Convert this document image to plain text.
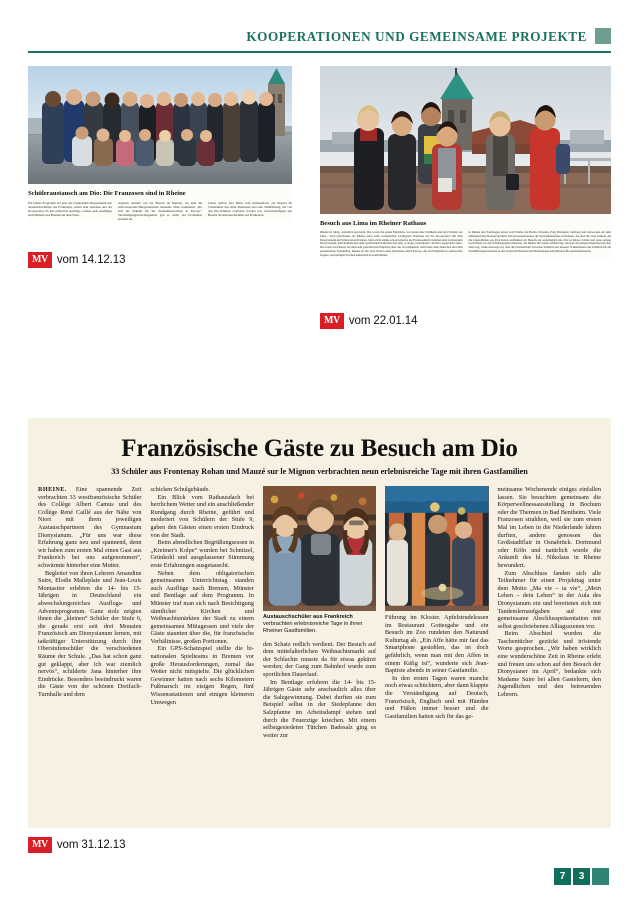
KOOPERATIONEN UND GEMEINSAME PROJEKTE
Schüleraustausch am Dio: Die Franzosen sind in Rheine
Ein buntes Programm bot jetzt das Gymnasium Dionysianum den Austauschschülern aus Frankreich, neben dem zentralen Akt der Kooperation. Es gab zahlreiche Ausflüge, runden nach Ausflügen nach Münster und Bremen auf dem Sonn-
tagsplan. Anfahrt war der Besuch im Rathaus, bei dem die stellvertretende Bürgermeisterin markante Sätze verkündete: „Ihr seid die Zukunft für das Zusammenwachsen in Europa.“ Verständigungsschwierigkeiten gab es nicht, bei Problemen konnten die
Lehrer helfen. Der Blick vom Rathausdach, ein Besuch im Trauzimmer des Alten Rathauses und eine Stadtführung, die von den Dio-Schülern erarbeitet worden war, vervollständigten den Besuch der Austauschschüler aus Frankreich.
MV vom 14.12.13
Besuch aus Lima im Rheiner Rathaus
Rheine ist ruhig, ordentlich und klein. Das waren die ersten Eindrücke von denen eine Schülerin und drei Schüler aus Lima / Peru berichteten, als Rheine unter zehn vermeintlich wichtigsten Stationen bei der Kooperation mit dem Dionysianum der Schule besucht haben. Sehr schön zahme schon besuchte die Franzosenhalt zwischen dem Gymnasium Dionysianum, dem Rathaus und dem Gymnasium in Rheine und dem „Colegio weiterhause“ im Peru ausgesucht eines. Die Gäste berichteten bei dem sehr persönlichen Empfang über die verschiedenen vierfachen dem deutschen und dem peruanischen Schulalltag. Rheine ist die erste Station einer Rundreise durch Europa, die am Flughafen in Amsterdam begann, nach einigen Wochen Aufenthalt in Gastfamilien
in Rheine und Salzbergen neben noch Städte wie Berlin, Dresden, Prag, Budapest, Salzburg und Antwerpen auf dem umfangreichen Reiseprogramm. Europa kennenlernen, die Sprachkenntnisse verbessern, das sind die zwei Gründe, die die Jugendlichen aus Peru haben, zumindest ein Besuch ein ursprünglich das Ziel zu haben. Schule und neue seltene beobachten vor den Schülergruppen mussten, die Rheine mit vielen zehnerfolge, und gab den jungen Menschen ein Auf dem weg, wirke Auswege sei, dass die Freundschaft zwischen Schülern aus unseren Schülerinnen und Schülern für ein Stadtführungen mussten in den Verein der Brücken der Beziehungen beim Besuch für eine Rathausdach.
MV vom 22.01.14
Französische Gäste zu Besuch am Dio
33 Schüler aus Frontenay Rohan und Mauzé sur le Mignon verbrachten neun erlebnisreiche Tage mit ihren Gastfamilien

RHEINE. Eine spannende Zeit verbrachten 33 westfranzösische Schüler des Collège Albert Camus und des Collège René Caillé aus der Nähe von Niort mit ihren jeweiligen Austauschpartnern des Gymnasium Dionysianum. „Für uns war diese Erfahrung ganz neu und spannend, denn wir haben zum ersten Mal einen Gast aus Frankreich bei uns aufgenommen“, schwärmte hinterher eine Mutter.

Begleitet von ihren Lehrern Amandine Suire, Elodie Malleplate und Jean-Louis Montastier erlebten die 14- bis 15-Jährigen in Deutschland ein abwechslungsreiches Ausflugs- und Adventsprogramm. Ganz stolz zeigten ihnen die „kleinen“ Schüler der Stufe 6, die gerade erst seit drei Monaten Französisch am Dionysianum lernen, mit tatkräftiger Unterstützung durch ihre Oberstufenschüler die verschiedenen Räume der Schule. „Das hat schon ganz gut geklappt, aber ich war ziemlich nervös“, schilderte Jana hinterher ihre Eindrücke. Besonders beeindruckt waren die Gäste von der schönen Dreifach-Turnhalle und dem

schicken Schulgebäude.

Ein Blick vom Rathausdach bei herrlichem Wetter und ein anschließender Rundgang durch Rheine, geführt und moderiert von Schülern der Stufe 9, gaben den Gästen einen ersten Eindruck von der Stadt.

Beim abendlichen Begrüßungsessen in „Kreimer's Kolpe“ wurden bei Schnitzel, Grünkohl und ausgelassener Stimmung erste Erfahrungen ausgetauscht.

Neben dem obligatorischen gemeinsamen Unterrichtstag standen auch Ausflüge nach Bremen, Münster und Bentlage auf dem Programm. In Münster traf man sich nach Besichtigung sämtlicher Kirchen und Weihnachtsmärkten der Stadt zu einem gemeinsamen Mittagessen und viele der Gäste staunten über die, für französische Verhältnisse, großen Portionen.

Ein GPS-Schatzspiel stellte die bi-nationalen Spielteams in Bremen vor große Herausforderungen, zumal das Wetter nicht mitspielte. Die glücklichen Gewinner hatten nach sechs Kilometern Fußmarsch im eisigen Regen, fünf Wissensstationen und einigen kleineren Umwegen

Austauschschüler aus Frankreich verbrachten erlebnisreiche Tage in ihren Rheiner Gastfamilien.

den Schatz redlich verdient. Der Besuch auf dem mittelalterlichen Weihnachtsmarkt auf der Schlachte musste da für etwas gekürzt werden; der Gang zum Bahnhof wurde zum sportlichen Dauerlauf.

Im Bentlage erfuhren die 14- bis 15-Jährigen Gäste sehr anschaulich alles über die Salzgewinnung. Dabei durften sie zum Beispiel selbst in der Siedepfanne den Salzpfanne im Arbeitsdampf stehen und durch die Feuerzüge kriechen. Mit einem selbstgesiedeten Tütchen Badesalz ging es weiter zur

Führung im Kloster. Apfelstrudelessen im Restaurant Gottesgabe und ein Besuch im Zoo rundeten den Naturund Kulturtag ab. „Ein Affe hätte mir fast das Smartphone gestohlen, das ist doch gefährlich, wenn man mit den Affen in einem Käfig ist“, wunderte sich Jean-Baptiste abends in seiner Gastfamilie.

In den ersten Tagen waren manche noch etwas schüchtern, aber dann klappte die Verständigung auf Deutsch, Französisch, Englisch und mit Händen und Füßen immer besser und die Gastfamilien hatten sich für das ge-

meinsame Wochenende einiges einfallen lassen. Sie besuchten gemeinsam die Körperwellnessausstellung in Bochum oder die Thermen in Bad Bentheim. Viele Franzosen strahlten, weil sie zum ersten Mal im Leben in die Niederlande fahren durften, andere genossen das Großstadtflair in Osnabrück. Dortmund oder Köln und natürlich wurde die Ankunft des hl. Nikolaus in Rheine bewundert.

Zum Abschluss fanden sich alle Teilnehmer für einen Projekttag unter dem Motto „Ma vie – ta vie“, „Mein Leben – dein Leben“ in der Aula des Dionysianum ein und bereiteten sich mit Tandemlernaufgaben auf eine gemeinsame Abschlusspräsentation mit selbst geschriebenen Alltagsszenen vor.

Beim Abschied wurden die Taschentücher gezückt und tröstende Worte gesprochen. „Wir haben wirklich eine wunderschöne Zeit in Rheine erlebt und freuen uns schon auf den Besuch der Dionysianer im April“, bedankte sich Madame Suire bei allen Gasteltern, den Jugendlichen und den betreuenden Lehrern.

MV vom 31.12.13
7	3
